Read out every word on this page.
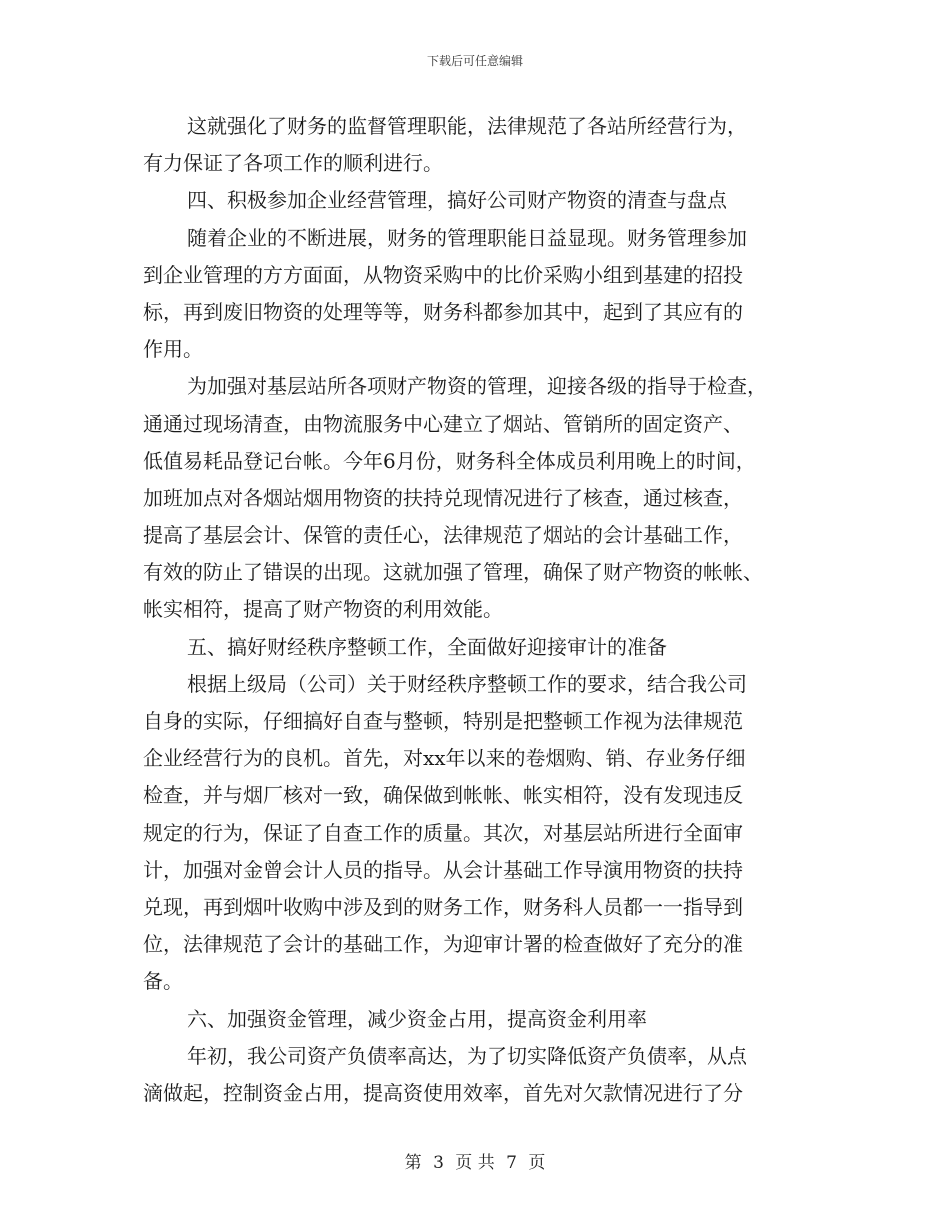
下载后可任意编辑
这就强化了财务的监督管理职能，法律规范了各站所经营行为，
有力保证了各项工作的顺利进行。
四、积极参加企业经营管理，搞好公司财产物资的清查与盘点
随着企业的不断进展，财务的管理职能日益显现。财务管理参加
到企业管理的方方面面，从物资采购中的比价采购小组到基建的招投
标，再到废旧物资的处理等等，财务科都参加其中，起到了其应有的
作用。
为加强对基层站所各项财产物资的管理，迎接各级的指导于检查，
通通过现场清查，由物流服务中心建立了烟站、管销所的固定资产、
低值易耗品登记台帐。今年6月份，财务科全体成员利用晚上的时间，
加班加点对各烟站烟用物资的扶持兑现情况进行了核查，通过核查，
提高了基层会计、保管的责任心，法律规范了烟站的会计基础工作，
有效的防止了错误的出现。这就加强了管理，确保了财产物资的帐帐、
帐实相符，提高了财产物资的利用效能。
五、搞好财经秩序整顿工作，全面做好迎接审计的准备
根据上级局（公司）关于财经秩序整顿工作的要求，结合我公司
自身的实际，仔细搞好自查与整顿，特别是把整顿工作视为法律规范
企业经营行为的良机。首先，对xx年以来的卷烟购、销、存业务仔细
检查，并与烟厂核对一致，确保做到帐帐、帐实相符，没有发现违反
规定的行为，保证了自查工作的质量。其次，对基层站所进行全面审
计，加强对金曾会计人员的指导。从会计基础工作导演用物资的扶持
兑现，再到烟叶收购中涉及到的财务工作，财务科人员都一一指导到
位，法律规范了会计的基础工作，为迎审计署的检查做好了充分的准
备。
六、加强资金管理，减少资金占用，提高资金利用率
年初，我公司资产负债率高达，为了切实降低资产负债率，从点
滴做起，控制资金占用，提高资使用效率，首先对欠款情况进行了分
第 3 页 共 7 页
